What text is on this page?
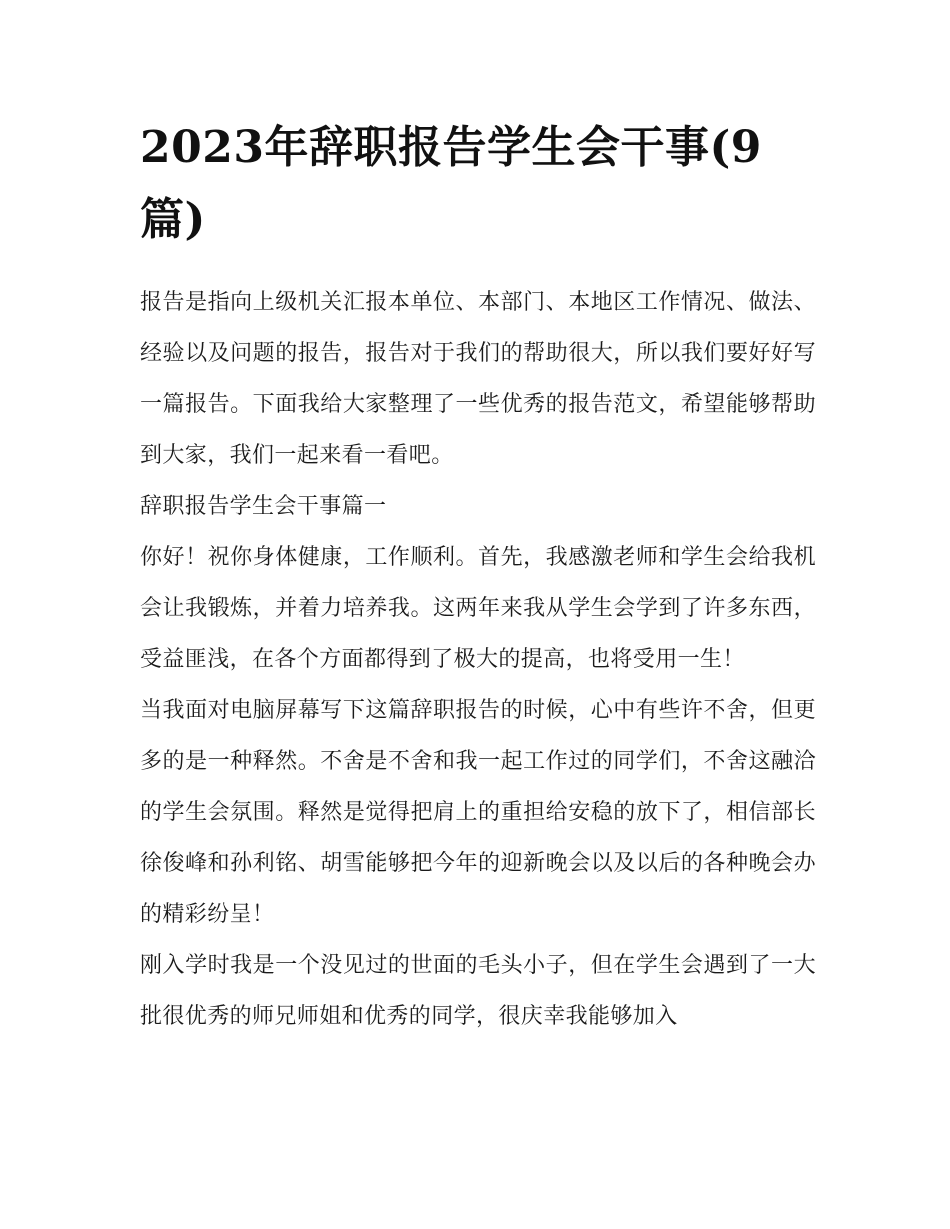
2023年辞职报告学生会干事(9篇)

报告是指向上级机关汇报本单位、本部门、本地区工作情况、做法、经验以及问题的报告，报告对于我们的帮助很大，所以我们要好好写一篇报告。下面我给大家整理了一些优秀的报告范文，希望能够帮助到大家，我们一起来看一看吧。

辞职报告学生会干事篇一

你好！祝你身体健康，工作顺利。首先，我感激老师和学生会给我机会让我锻炼，并着力培养我。这两年来我从学生会学到了许多东西，受益匪浅，在各个方面都得到了极大的提高，也将受用一生！

当我面对电脑屏幕写下这篇辞职报告的时候，心中有些许不舍，但更多的是一种释然。不舍是不舍和我一起工作过的同学们，不舍这融洽的学生会氛围。释然是觉得把肩上的重担给安稳的放下了，相信部长徐俊峰和孙利铭、胡雪能够把今年的迎新晚会以及以后的各种晚会办的精彩纷呈！

刚入学时我是一个没见过的世面的毛头小子，但在学生会遇到了一大批很优秀的师兄师姐和优秀的同学，很庆幸我能够加入
